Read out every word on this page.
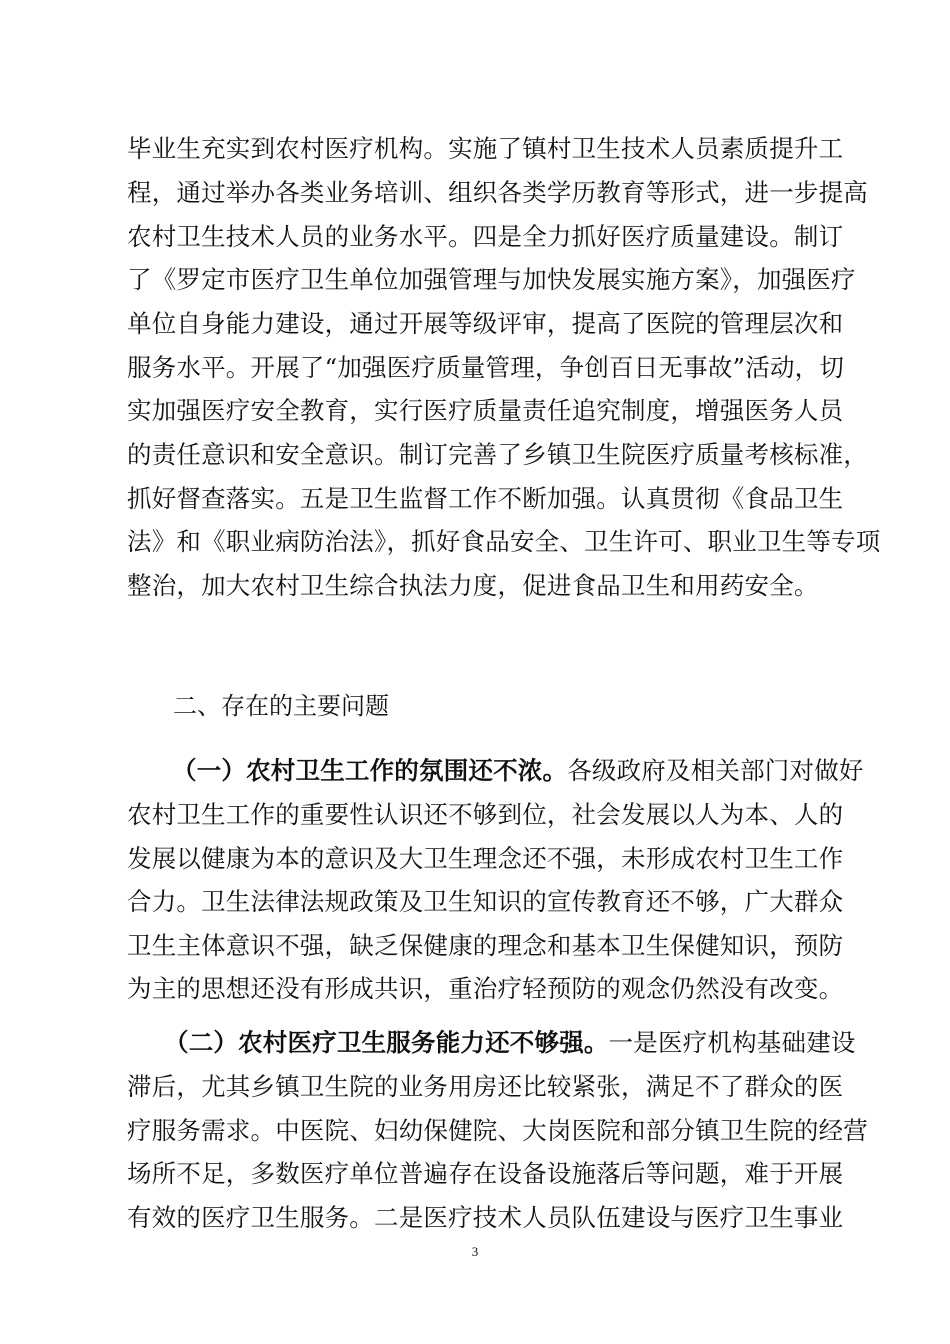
毕业生充实到农村医疗机构。实施了镇村卫生技术人员素质提升工
程，通过举办各类业务培训、组织各类学历教育等形式，进一步提高
农村卫生技术人员的业务水平。四是全力抓好医疗质量建设。制订
了《罗定市医疗卫生单位加强管理与加快发展实施方案》，加强医疗
单位自身能力建设，通过开展等级评审，提高了医院的管理层次和
服务水平。开展了“加强医疗质量管理，争创百日无事故”活动，切
实加强医疗安全教育，实行医疗质量责任追究制度，增强医务人员
的责任意识和安全意识。制订完善了乡镇卫生院医疗质量考核标准，
抓好督查落实。五是卫生监督工作不断加强。认真贯彻《食品卫生
法》和《职业病防治法》，抓好食品安全、卫生许可、职业卫生等专项
整治，加大农村卫生综合执法力度，促进食品卫生和用药安全。
二、存在的主要问题
（一）农村卫生工作的氛围还不浓。各级政府及相关部门对做好
农村卫生工作的重要性认识还不够到位，社会发展以人为本、人的
发展以健康为本的意识及大卫生理念还不强，未形成农村卫生工作
合力。卫生法律法规政策及卫生知识的宣传教育还不够，广大群众
卫生主体意识不强，缺乏保健康的理念和基本卫生保健知识，预防
为主的思想还没有形成共识，重治疗轻预防的观念仍然没有改变。
（二）农村医疗卫生服务能力还不够强。一是医疗机构基础建设
滞后，尤其乡镇卫生院的业务用房还比较紧张，满足不了群众的医
疗服务需求。中医院、妇幼保健院、大岗医院和部分镇卫生院的经营
场所不足，多数医疗单位普遍存在设备设施落后等问题，难于开展
有效的医疗卫生服务。二是医疗技术人员队伍建设与医疗卫生事业
3
